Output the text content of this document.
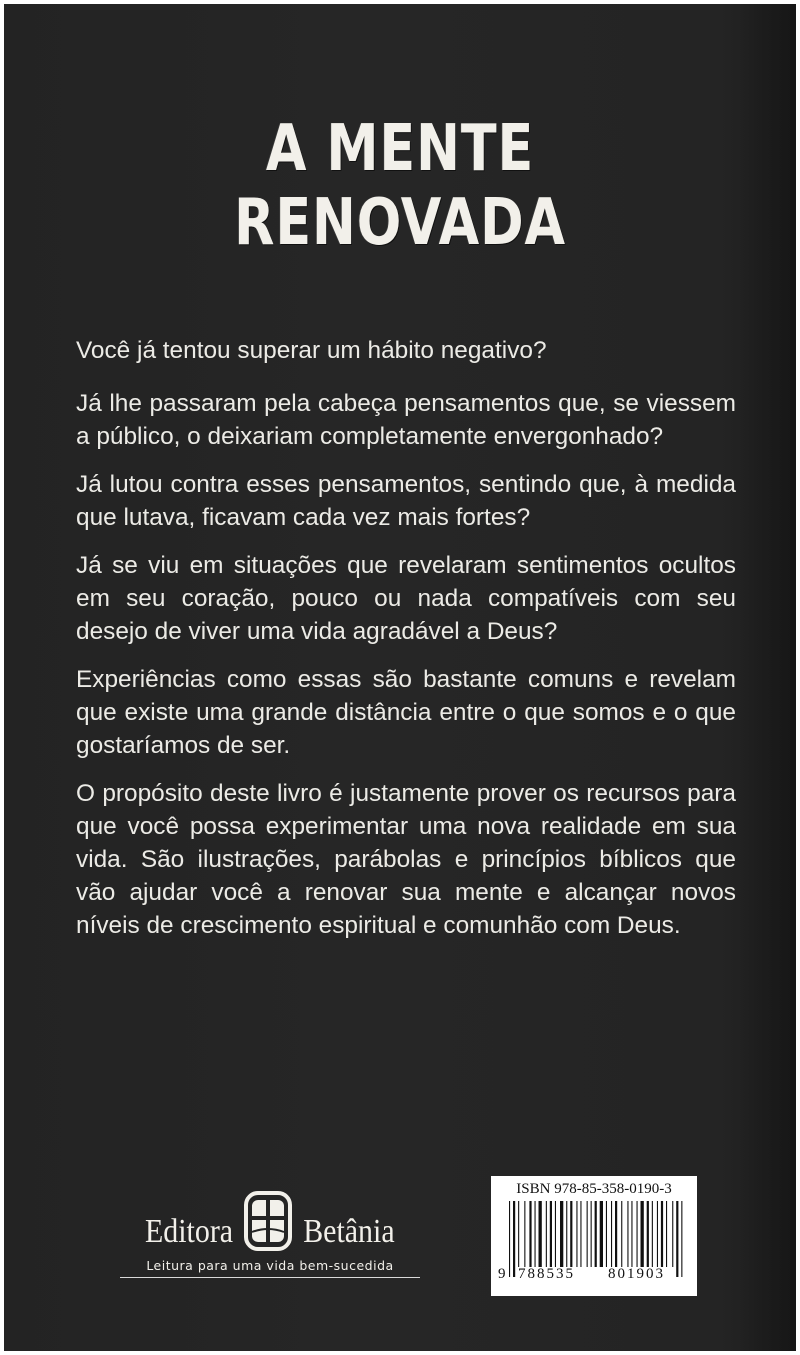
A MENTE
RENOVADA

Você já tentou superar um hábito negativo?

Já lhe passaram pela cabeça pensamentos que, se viessem a público, o deixariam completamente envergonhado?

Já lutou contra esses pensamentos, sentindo que, à medida que lutava, ficavam cada vez mais fortes?

Já se viu em situações que revelaram sentimentos ocultos em seu coração, pouco ou nada compatíveis com seu desejo de viver uma vida agradável a Deus?

Experiências como essas são bastante comuns e revelam que existe uma grande distância entre o que somos e o que gostaríamos de ser.

O propósito deste livro é justamente prover os recursos para que você possa experimentar uma nova realidade em sua vida. São ilustrações, parábolas e princípios bíblicos que vão ajudar você a renovar sua mente e alcançar novos níveis de crescimento espiritual e comunhão com Deus.

Editora Betânia
Leitura para uma vida bem-sucedida
ISBN 978-85-358-0190-3
9 788535 801903
